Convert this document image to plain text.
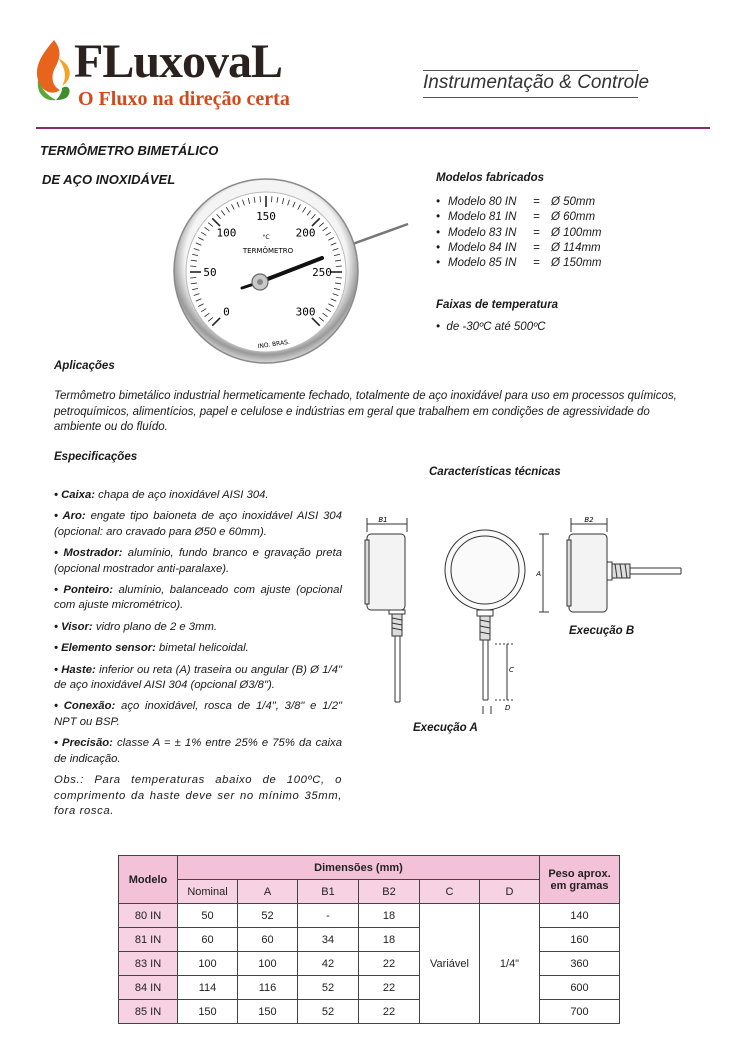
FLuxovaL
O Fluxo na direção certa
Instrumentação & Controle
TERMÔMETRO BIMETÁLICO
DE AÇO INOXIDÁVEL
0
50
100
150
200
250
300
°C
TERMÔMETRO
INO. BRAS.
Modelos fabricados
• Modelo 80 IN = Ø 50mm
• Modelo 81 IN = Ø 60mm
• Modelo 83 IN = Ø 100mm
• Modelo 84 IN = Ø 114mm
• Modelo 85 IN = Ø 150mm
Faixas de temperatura
•  de -30ºC até 500ºC
Aplicações
Termômetro bimetálico industrial hermeticamente fechado, totalmente de aço inoxidável para uso em processos químicos, petroquímicos, alimentícios, papel e celulose e indústrias em geral que trabalhem em condições de agressividade do ambiente ou do fluído.
Especificações

• Caixa: chapa de aço inoxidável AISI 304.

• Aro: engate tipo baioneta de aço inoxidável AISI 304 (opcional: aro cravado para Ø50 e 60mm).

• Mostrador: alumínio, fundo branco e gravação preta (opcional mostrador anti-paralaxe).

• Ponteiro: alumínio, balanceado com ajuste (opcional com ajuste micrométrico).

• Visor: vidro plano de 2 e 3mm.

• Elemento sensor: bimetal helicoidal.

• Haste: inferior ou reta (A) traseira ou angular (B) Ø 1/4" de aço inoxidável AISI 304 (opcional Ø3/8").

• Conexão: aço inoxidável, rosca de 1/4", 3/8" e 1/2" NPT ou BSP.

• Precisão: classe A = ± 1% entre 25% e 75% da caixa de indicação.

Obs.: Para temperaturas abaixo de 100ºC, o comprimento da haste deve ser no mínimo 35mm, fora rosca.

Características técnicas
B1
C
D
A
B2
Execução B
Execução A
Modelo	Dimensões (mm)						Peso aprox.
em gramas
	Nominal	A	B1	B2	C	D	
80 IN	50	52	-	18	Variável	1/4"	140
81 IN	60	60	34	18			160
83 IN	100	100	42	22			360
84 IN	114	116	52	22			600
85 IN	150	150	52	22			700
